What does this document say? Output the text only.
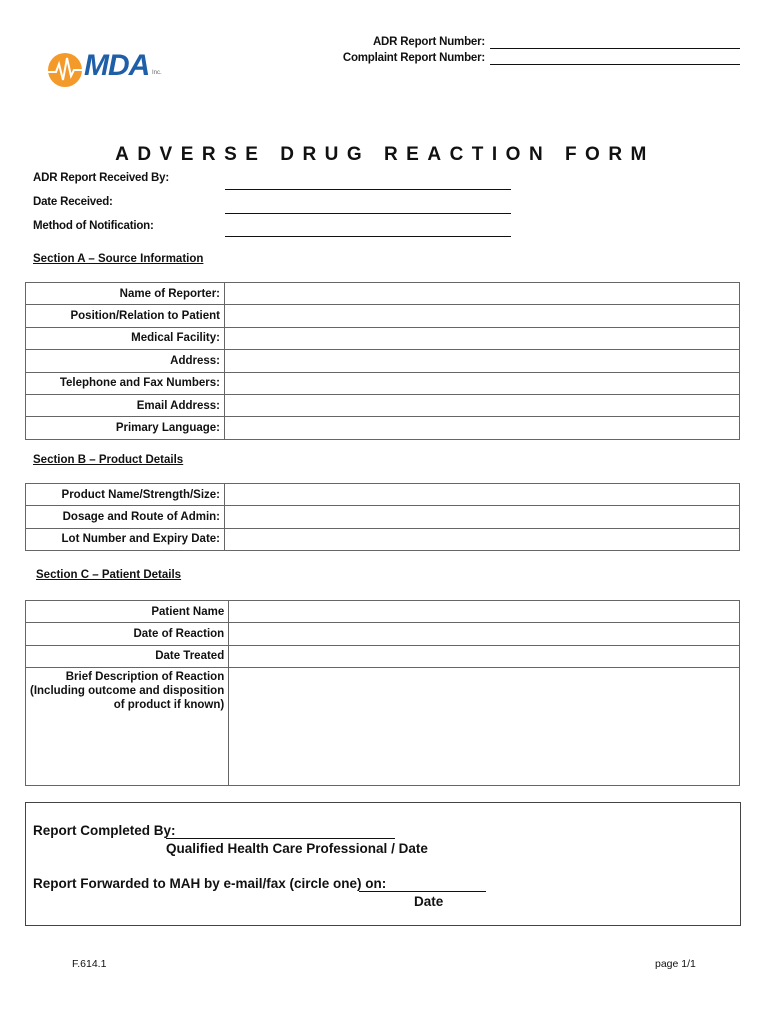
MDA Inc.
ADR Report Number:
Complaint Report Number:
ADVERSE DRUG REACTION FORM
ADR Report Received By:
Date Received:
Method of Notification:
Section A – Source Information
Name of Reporter:	
Position/Relation to Patient	
Medical Facility:	
Address:	
Telephone and Fax Numbers:	
Email Address:	
Primary Language:	
Section B – Product Details
Product Name/Strength/Size:	
Dosage and Route of Admin:	
Lot Number and Expiry Date:	
Section C – Patient Details
Patient Name	
Date of Reaction	
Date Treated	

Brief Description of Reaction
(Including outcome and disposition
of product if known)	

Report Completed By:
Qualified Health Care Professional / Date
Report Forwarded to MAH by e-mail/fax (circle one) on:
Date
F.614.1	page 1/1
